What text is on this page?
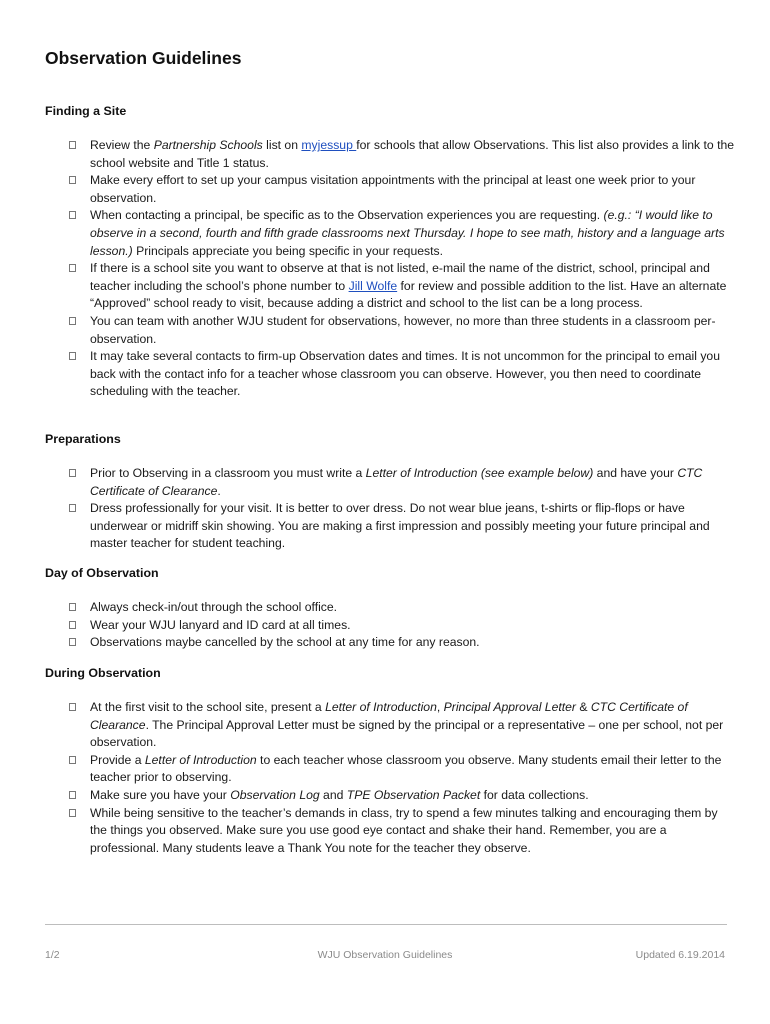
Observation Guidelines
Finding a Site
Review the Partnership Schools list on myjessup for schools that allow Observations. This list also provides a link to the school website and Title 1 status.
Make every effort to set up your campus visitation appointments with the principal at least one week prior to your observation.
When contacting a principal, be specific as to the Observation experiences you are requesting. (e.g.: “I would like to observe in a second, fourth and fifth grade classrooms next Thursday. I hope to see math, history and a language arts lesson.) Principals appreciate you being specific in your requests.
If there is a school site you want to observe at that is not listed, e-mail the name of the district, school, principal and teacher including the school’s phone number to Jill Wolfe for review and possible addition to the list. Have an alternate “Approved” school ready to visit, because adding a district and school to the list can be a long process.
You can team with another WJU student for observations, however, no more than three students in a classroom per-observation.
It may take several contacts to firm-up Observation dates and times. It is not uncommon for the principal to email you back with the contact info for a teacher whose classroom you can observe. However, you then need to coordinate scheduling with the teacher.
Preparations
Prior to Observing in a classroom you must write a Letter of Introduction (see example below) and have your CTC Certificate of Clearance.
Dress professionally for your visit. It is better to over dress. Do not wear blue jeans, t-shirts or flip-flops or have underwear or midriff skin showing. You are making a first impression and possibly meeting your future principal and master teacher for student teaching.
Day of Observation
Always check-in/out through the school office.
Wear your WJU lanyard and ID card at all times.
Observations maybe cancelled by the school at any time for any reason.
During Observation
At the first visit to the school site, present a Letter of Introduction, Principal Approval Letter & CTC Certificate of Clearance. The Principal Approval Letter must be signed by the principal or a representative – one per school, not per observation.
Provide a Letter of Introduction to each teacher whose classroom you observe. Many students email their letter to the teacher prior to observing.
Make sure you have your Observation Log and TPE Observation Packet for data collections.
While being sensitive to the teacher’s demands in class, try to spend a few minutes talking and encouraging them by the things you observed. Make sure you use good eye contact and shake their hand. Remember, you are a professional. Many students leave a Thank You note for the teacher they observe.
1/2	WJU Observation Guidelines	Updated 6.19.2014
